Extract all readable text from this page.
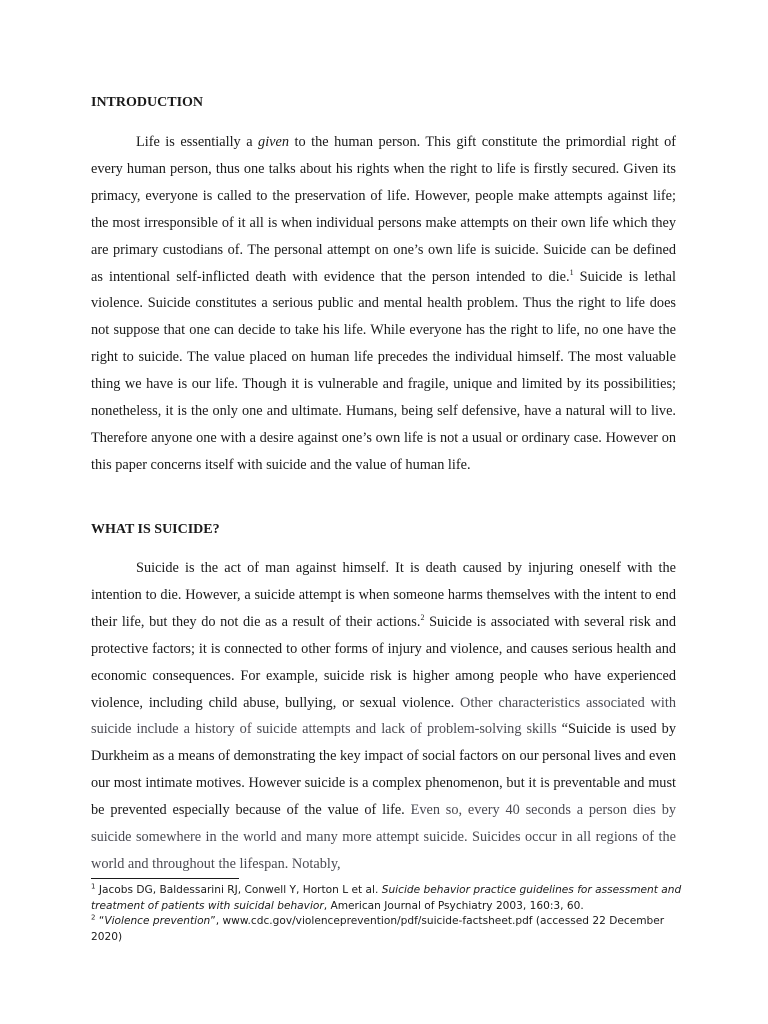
INTRODUCTION

Life is essentially a given to the human person. This gift constitute the primordial right of every human person, thus one talks about his rights when the right to life is firstly secured. Given its primacy, everyone is called to the preservation of life. However, people make attempts against life; the most irresponsible of it all is when individual persons make attempts on their own life which they are primary custodians of. The personal attempt on one’s own life is suicide. Suicide can be defined as intentional self-inflicted death with evidence that the person intended to die.$^1$ Suicide is lethal violence. Suicide constitutes a serious public and mental health problem. Thus the right to life does not suppose that one can decide to take his life. While everyone has the right to life, no one have the right to suicide. The value placed on human life precedes the individual himself. The most valuable thing we have is our life. Though it is vulnerable and fragile, unique and limited by its possibilities; nonetheless, it is the only one and ultimate. Humans, being self defensive, have a natural will to live. Therefore anyone one with a desire against one’s own life is not a usual or ordinary case. However on this paper concerns itself with suicide and the value of human life.

WHAT IS SUICIDE?

Suicide is the act of man against himself. It is death caused by injuring oneself with the intention to die. However, a suicide attempt is when someone harms themselves with the intent to end their life, but they do not die as a result of their actions.$^2$ Suicide is associated with several risk and protective factors; it is connected to other forms of injury and violence, and causes serious health and economic consequences. For example, suicide risk is higher among people who have experienced violence, including child abuse, bullying, or sexual violence. Other characteristics associated with suicide include a history of suicide attempts and lack of problem-solving skills “Suicide is used by Durkheim as a means of demonstrating the key impact of social factors on our personal lives and even our most intimate motives. However suicide is a complex phenomenon, but it is preventable and must be prevented especially because of the value of life. Even so, every 40 seconds a person dies by suicide somewhere in the world and many more attempt suicide. Suicides occur in all regions of the world and throughout the lifespan. Notably,

$^1$ Jacobs DG, Baldessarini RJ, Conwell Y, Horton L et al. Suicide behavior practice guidelines for assessment and treatment of patients with suicidal behavior, American Journal of Psychiatry 2003, 160:3, 60.

$^2$ “Violence prevention”, www.cdc.gov/violenceprevention/pdf/suicide-factsheet.pdf (accessed 22 December 2020)
